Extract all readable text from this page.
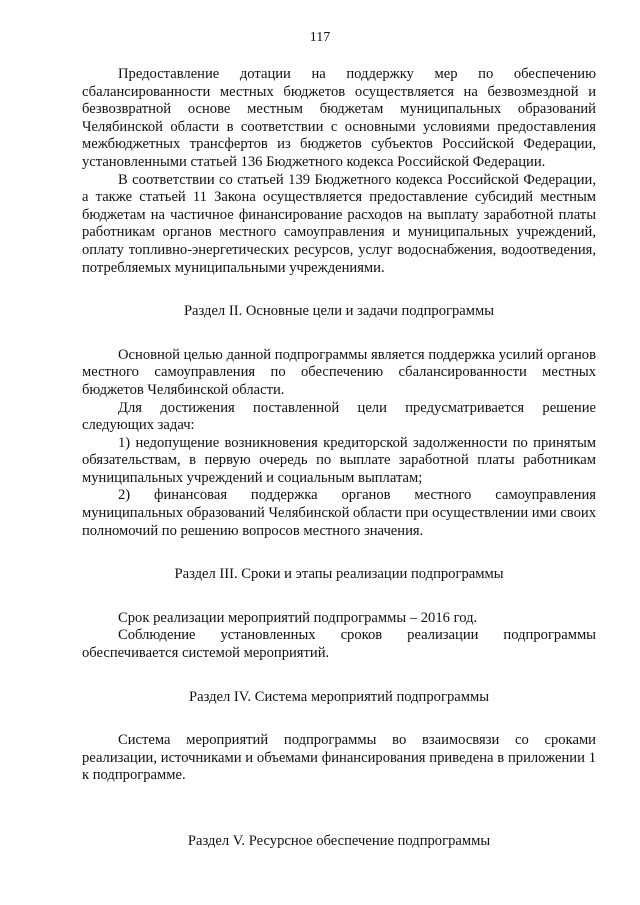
117

Предоставление дотации на поддержку мер по обеспечению сбалансированности местных бюджетов осуществляется на безвозмездной и безвозвратной основе местным бюджетам муниципальных образований Челябинской области в соответствии с основными условиями предоставления межбюджетных трансфертов из бюджетов субъектов Российской Федерации, установленными статьей 136 Бюджетного кодекса Российской Федерации.

В соответствии со статьей 139 Бюджетного кодекса Российской Федерации, а также статьей 11 Закона осуществляется предоставление субсидий местным бюджетам на частичное финансирование расходов на выплату заработной платы работникам органов местного самоуправления и муниципальных учреждений, оплату топливно-энергетических ресурсов, услуг водоснабжения, водоотведения, потребляемых муниципальными учреждениями.

Раздел II. Основные цели и задачи подпрограммы

Основной целью данной подпрограммы является поддержка усилий органов местного самоуправления по обеспечению сбалансированности местных бюджетов Челябинской области.

Для достижения поставленной цели предусматривается решение следующих задач:

1) недопущение возникновения кредиторской задолженности по принятым обязательствам, в первую очередь по выплате заработной платы работникам муниципальных учреждений и социальным выплатам;

2) финансовая поддержка органов местного самоуправления муниципальных образований Челябинской области при осуществлении ими своих полномочий по решению вопросов местного значения.

Раздел III. Сроки и этапы реализации подпрограммы

Срок реализации мероприятий подпрограммы – 2016 год.

Соблюдение установленных сроков реализации подпрограммы обеспечивается системой мероприятий.

Раздел IV. Система мероприятий подпрограммы

Система мероприятий подпрограммы во взаимосвязи со сроками реализации, источниками и объемами финансирования приведена в приложении 1 к подпрограмме.

Раздел V. Ресурсное обеспечение подпрограммы
